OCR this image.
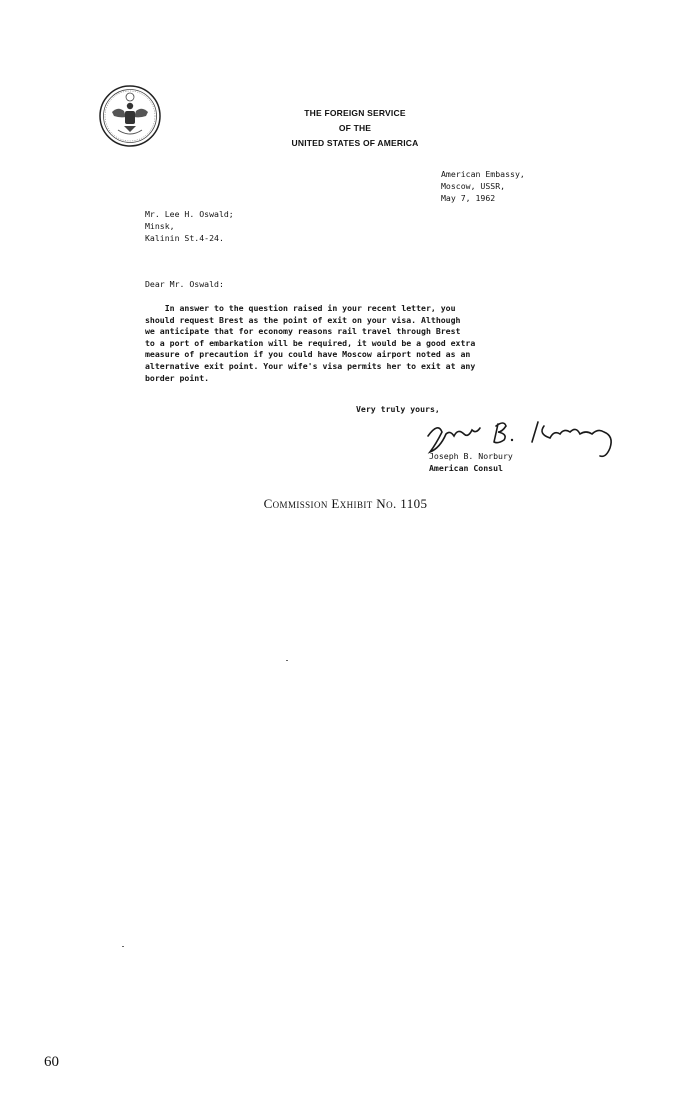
THE FOREIGN SERVICE
OF THE
UNITED STATES OF AMERICA
American Embassy,
Moscow, USSR,
May 7, 1962
Mr. Lee H. Oswald;
Minsk,
Kalinin St.4-24.
Dear Mr. Oswald:
In answer to the question raised in your recent letter, you
should request Brest as the point of exit on your visa. Although
we anticipate that for economy reasons rail travel through Brest
to a port of embarkation will be required, it would be a good extra
measure of precaution if you could have Moscow airport noted as an
alternative exit point. Your wife's visa permits her to exit at any
border point.
Very truly yours,
Joseph B. Norbury
American Consul
Commission Exhibit No. 1105
60
